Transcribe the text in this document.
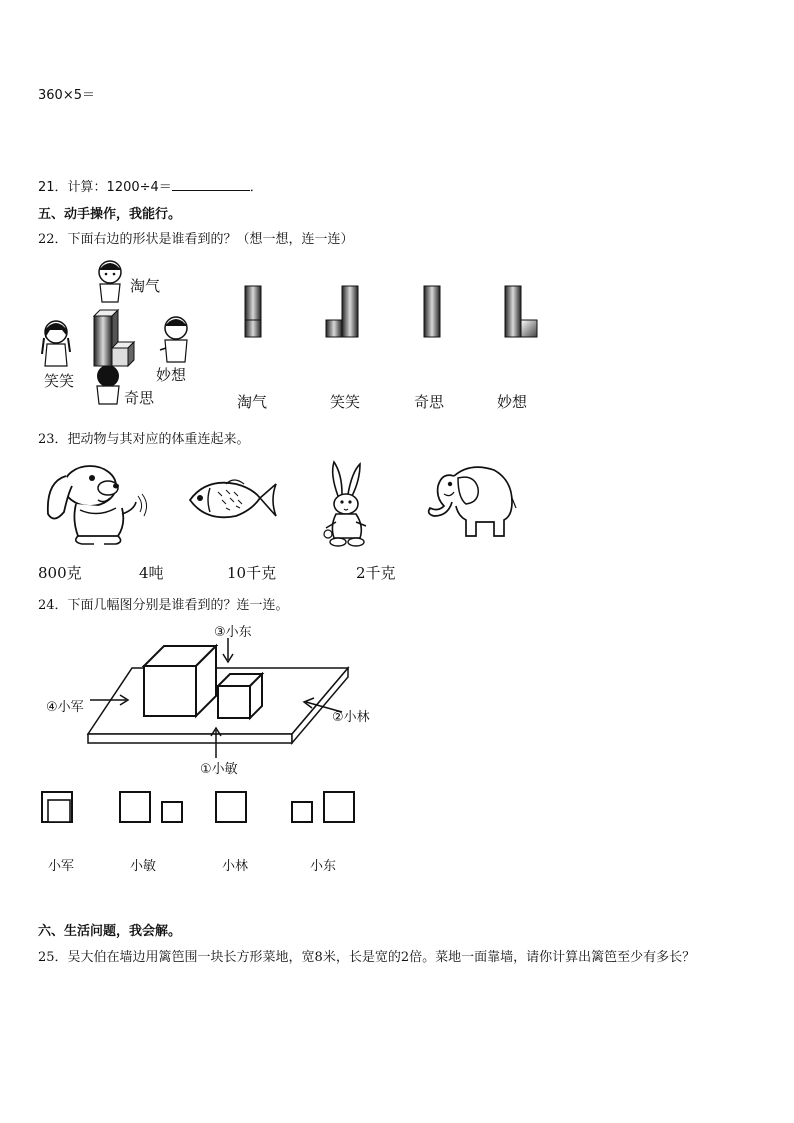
360×5＝
21．计算：1200÷4＝	．
五、动手操作，我能行。
22．下面右边的形状是谁看到的？（想一想，连一连）
淘气
笑笑	妙想
奇思	淘气	笑笑	奇思	妙想
23．把动物与其对应的体重连起来。
800克	4吨	10千克	2千克
24．下面几幅图分别是谁看到的？连一连。
③小东
④小军
②小林
①小敏
小军	小敏	小林	小东
六、生活问题，我会解。
25．吴大伯在墙边用篱笆围一块长方形菜地，宽8米，长是宽的2倍。菜地一面靠墙，请你计算出篱笆至少有多长？
